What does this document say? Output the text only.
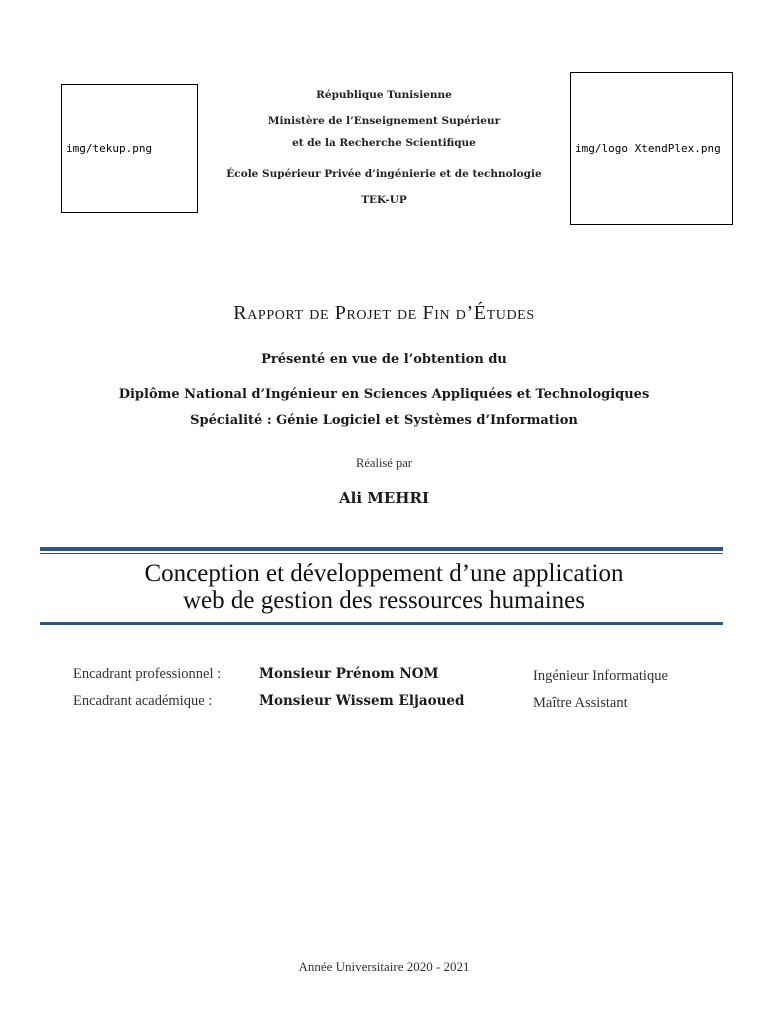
img/tekup.png	img/logo XtendPlex.png
République Tunisienne
Ministère de l’Enseignement Supérieur
et de la Recherche Scientifique
École Supérieur Privée d’ingénierie et de technologie
TEK-UP
Rapport de Projet de Fin d’Études
Présenté en vue de l’obtention du
Diplôme National d’Ingénieur en Sciences Appliquées et Technologiques
Spécialité : Génie Logiciel et Systèmes d’Information
Réalisé par
Ali MEHRI
Conception et développement d’une application
web de gestion des ressources humaines
Encadrant professionnel :	Monsieur Prénom NOM	Ingénieur Informatique
Encadrant académique :	Monsieur Wissem Eljaoued	Maître Assistant
Année Universitaire 2020 - 2021
